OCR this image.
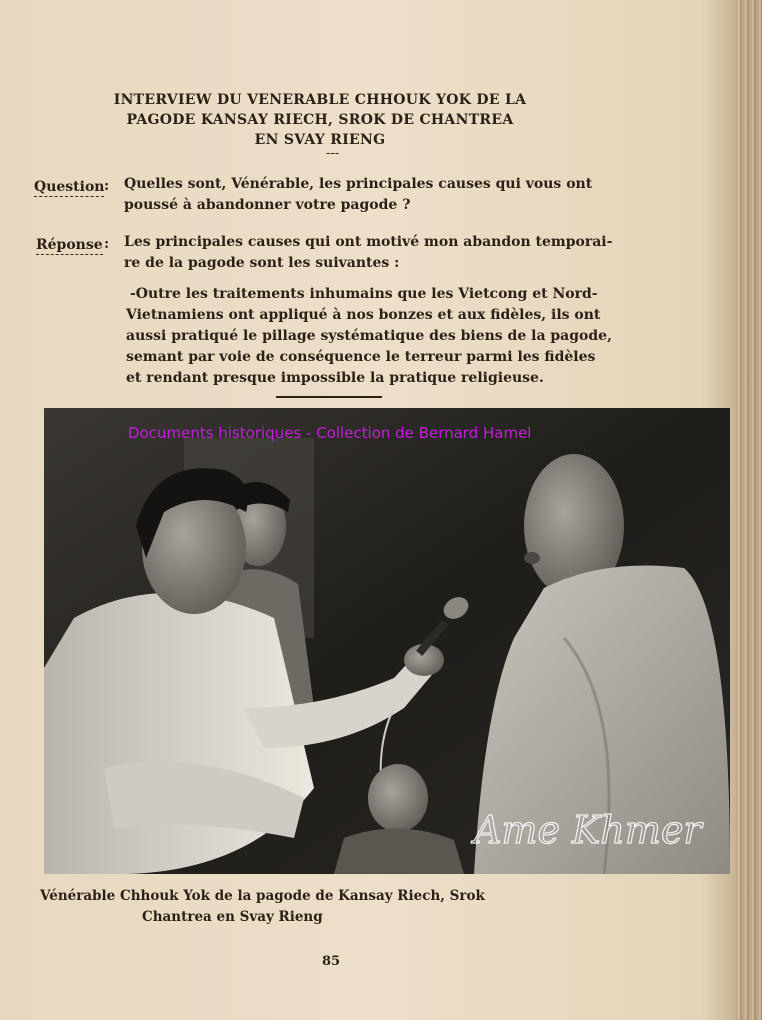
INTERVIEW DU VENERABLE CHHOUK YOK DE LA
PAGODE KANSAY RIECH, SROK DE CHANTREA
EN SVAY RIENG
---
Question : Quelles sont, Vénérable, les principales causes qui vous ont
poussé à abandonner votre pagode ?
Réponse : Les principales causes qui ont motivé mon abandon temporai-
re de la pagode sont les suivantes :
-Outre les traitements inhumains que les Vietcong et Nord-
Vietnamiens ont appliqué à nos bonzes et aux fidèles, ils ont
aussi pratiqué le pillage systématique des biens de la pagode,
semant par voie de conséquence le terreur parmi les fidèles
et rendant presque impossible la pratique religieuse.
Documents historiques - Collection de Bernard Hamel
Ame Khmer
Vénérable Chhouk Yok de la pagode de Kansay Riech, Srok
Chantrea en Svay Rieng
85
